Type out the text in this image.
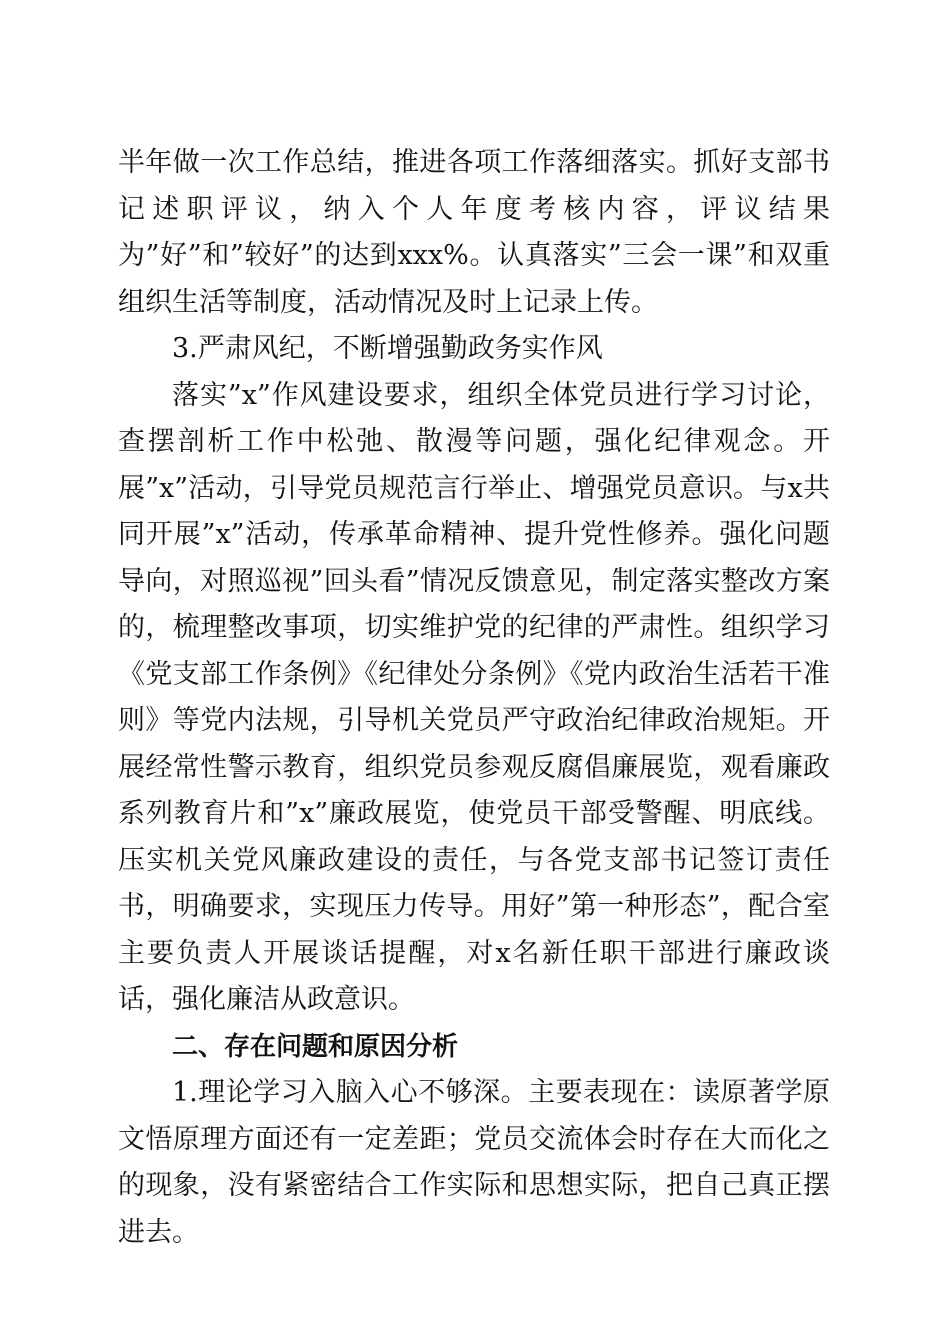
半年做一次工作总结，推进各项工作落细落实。抓好支部书记述职评议，纳入个人年度考核内容，评议结果为”好”和”较好”的达到xxx%。认真落实”三会一课”和双重组织生活等制度，活动情况及时上记录上传。

3.严肃风纪，不断增强勤政务实作风

落实”x”作风建设要求，组织全体党员进行学习讨论，查摆剖析工作中松弛、散漫等问题，强化纪律观念。开展”x”活动，引导党员规范言行举止、增强党员意识。与x共同开展”x”活动，传承革命精神、提升党性修养。强化问题导向，对照巡视”回头看”情况反馈意见，制定落实整改方案的，梳理整改事项，切实维护党的纪律的严肃性。组织学习《党支部工作条例》《纪律处分条例》《党内政治生活若干准则》等党内法规，引导机关党员严守政治纪律政治规矩。开展经常性警示教育，组织党员参观反腐倡廉展览，观看廉政系列教育片和”x”廉政展览，使党员干部受警醒、明底线。压实机关党风廉政建设的责任，与各党支部书记签订责任书，明确要求，实现压力传导。用好”第一种形态”，配合室主要负责人开展谈话提醒，对x名新任职干部进行廉政谈话，强化廉洁从政意识。

二、存在问题和原因分析

1.理论学习入脑入心不够深。主要表现在：读原著学原文悟原理方面还有一定差距；党员交流体会时存在大而化之的现象，没有紧密结合工作实际和思想实际，把自己真正摆进去。
